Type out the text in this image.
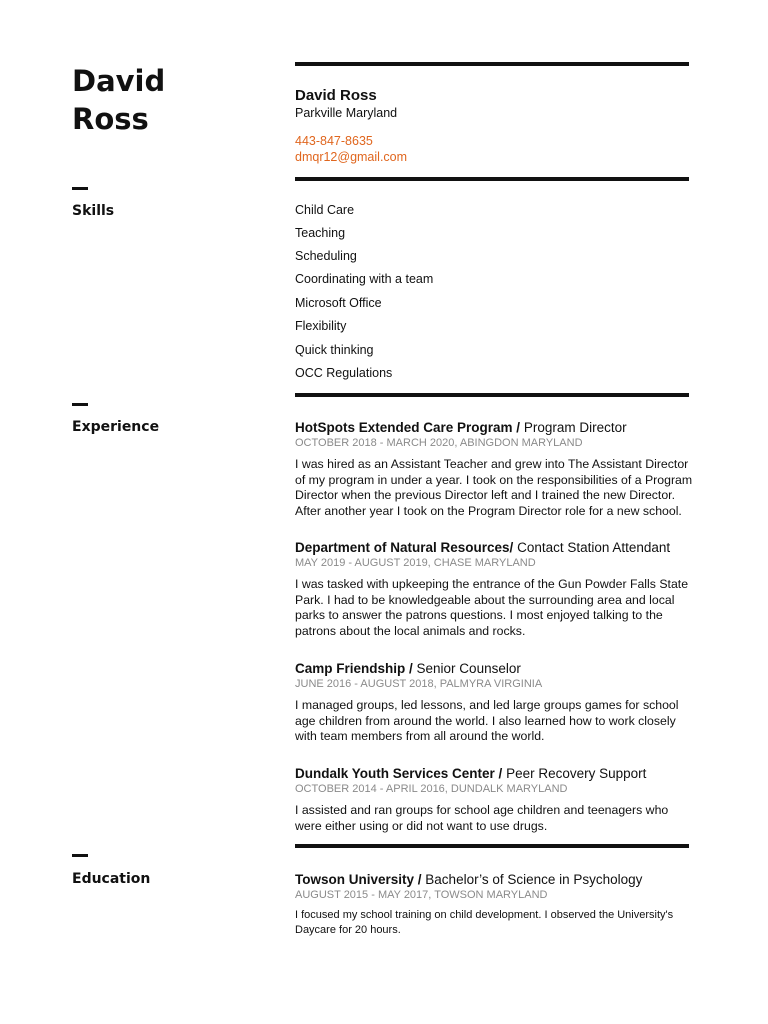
David
Ross
Skills
Experience
Education
David Ross
Parkville Maryland
443-847-8635
dmqr12@gmail.com
Child Care
Teaching
Scheduling
Coordinating with a team
Microsoft Office
Flexibility
Quick thinking
OCC Regulations
HotSpots Extended Care Program / Program Director
OCTOBER 2018 - MARCH 2020, ABINGDON MARYLAND
I was hired as an Assistant Teacher and grew into The Assistant Director of my program in under a year. I took on the responsibilities of a Program Director when the previous Director left and I trained the new Director. After another year I took on the Program Director role for a new school.
Department of Natural Resources/ Contact Station Attendant
MAY 2019 - AUGUST 2019, CHASE MARYLAND
I was tasked with upkeeping the entrance of the Gun Powder Falls State Park. I had to be knowledgeable about the surrounding area and local parks to answer the patrons questions. I most enjoyed talking to the patrons about the local animals and rocks.
Camp Friendship / Senior Counselor
JUNE 2016 - AUGUST 2018, PALMYRA VIRGINIA
I managed groups, led lessons, and led large groups games for school age children from around the world. I also learned how to work closely with team members from all around the world.
Dundalk Youth Services Center / Peer Recovery Support
OCTOBER 2014 - APRIL 2016, DUNDALK MARYLAND
I assisted and ran groups for school age children and teenagers who were either using or did not want to use drugs.
Towson University / Bachelor’s of Science in Psychology
AUGUST 2015 - MAY 2017, TOWSON MARYLAND
I focused my school training on child development. I observed the University's Daycare for 20 hours.
